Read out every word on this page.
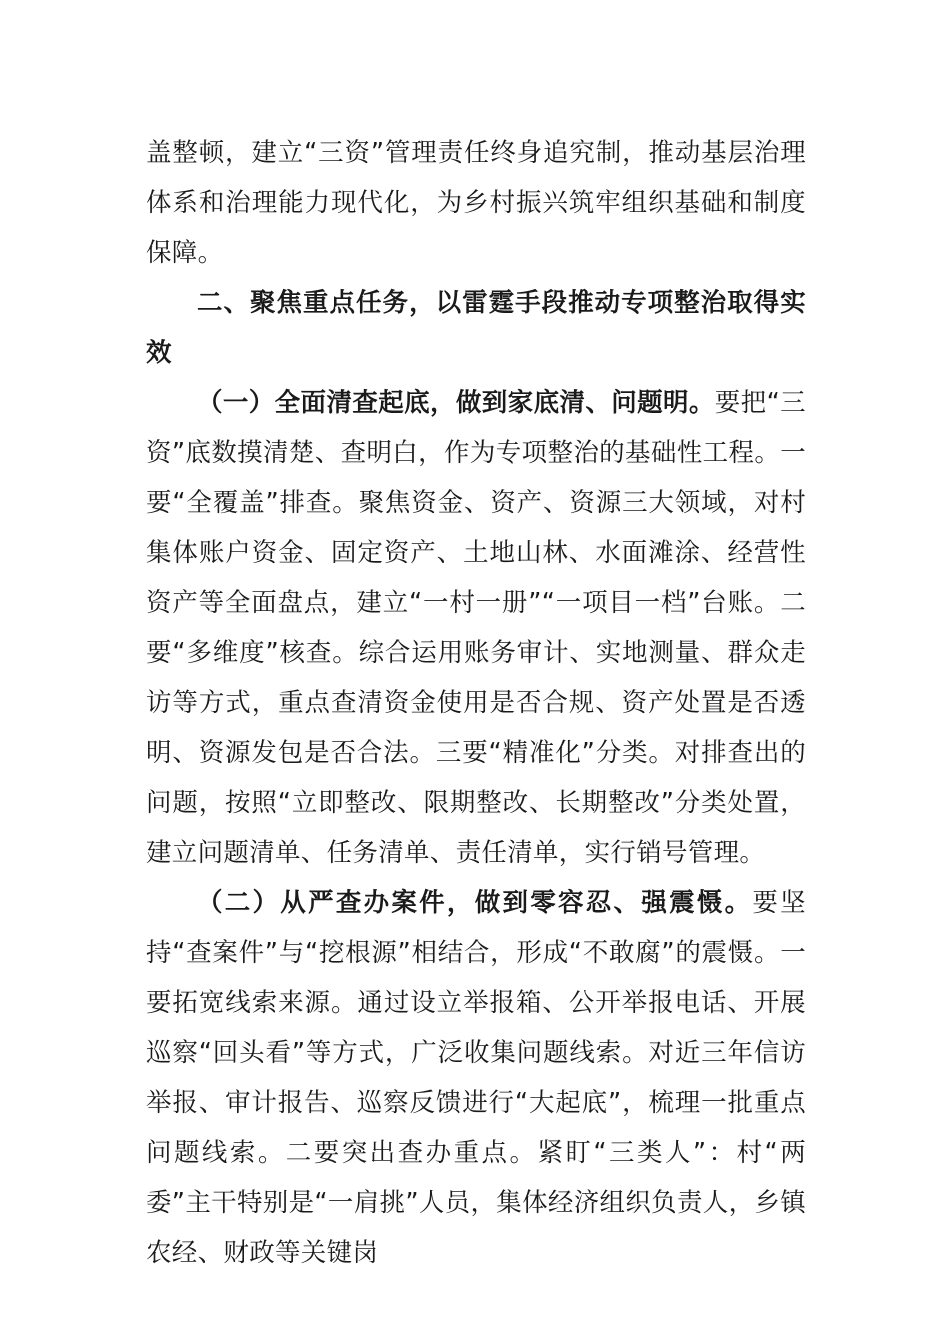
盖整顿，建立“三资”管理责任终身追究制，推动基层治理体系和治理能力现代化，为乡村振兴筑牢组织基础和制度保障。

二、聚焦重点任务，以雷霆手段推动专项整治取得实效

（一）全面清查起底，做到家底清、问题明。要把“三资”底数摸清楚、查明白，作为专项整治的基础性工程。一要“全覆盖”排查。聚焦资金、资产、资源三大领域，对村集体账户资金、固定资产、土地山林、水面滩涂、经营性资产等全面盘点，建立“一村一册”“一项目一档”台账。二要“多维度”核查。综合运用账务审计、实地测量、群众走访等方式，重点查清资金使用是否合规、资产处置是否透明、资源发包是否合法。三要“精准化”分类。对排查出的问题，按照“立即整改、限期整改、长期整改”分类处置，建立问题清单、任务清单、责任清单，实行销号管理。

（二）从严查办案件，做到零容忍、强震慑。要坚持“查案件”与“挖根源”相结合，形成“不敢腐”的震慑。一要拓宽线索来源。通过设立举报箱、公开举报电话、开展巡察“回头看”等方式，广泛收集问题线索。对近三年信访举报、审计报告、巡察反馈进行“大起底”，梳理一批重点问题线索。二要突出查办重点。紧盯“三类人”：村“两委”主干特别是“一肩挑”人员，集体经济组织负责人，乡镇农经、财政等关键岗
